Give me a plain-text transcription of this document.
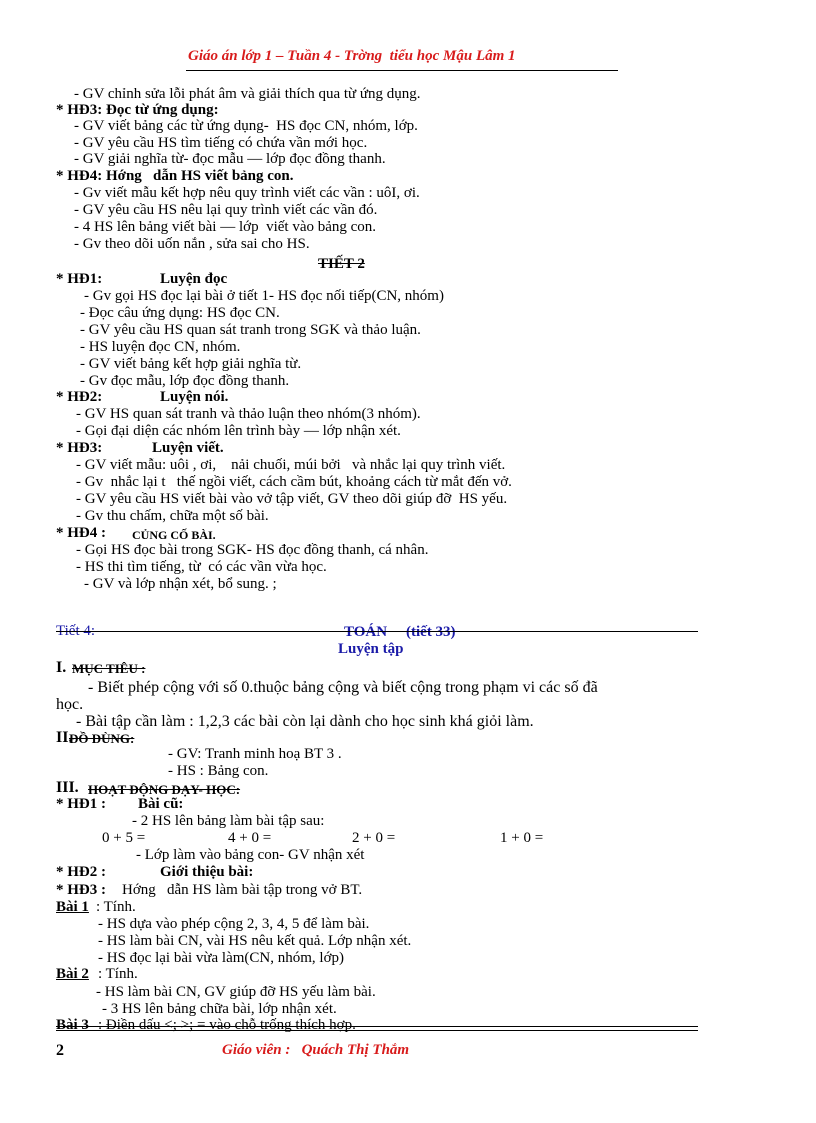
Giáo án lớp 1 – Tuần 4 - Trờng  tiểu học Mậu Lâm 1
- GV chỉnh sửa lỗi phát âm và giải thích qua từ ứng dụng.
* HĐ3: Đọc từ ứng dụng:
- GV viết bảng các từ ứng dụng-  HS đọc CN, nhóm, lớp.
- GV yêu cầu HS tìm tiếng có chứa vần mới học.
- GV giải nghĩa từ- đọc mẫu — lớp đọc đồng thanh.
* HĐ4: Hớng   dẫn HS viết bảng con.
- Gv viết mẫu kết hợp nêu quy trình viết các vần : uôI, ơi.
- GV yêu cầu HS nêu lại quy trình viết các vần đó.
- 4 HS lên bảng viết bài — lớp  viết vào bảng con.
- Gv theo dõi uốn nắn , sửa sai cho HS.
TIẾT 2
* HĐ1:	Luyện đọc
- Gv gọi HS đọc lại bài ở tiết 1- HS đọc nối tiếp(CN, nhóm)
- Đọc câu ứng dụng: HS đọc CN.
- GV yêu cầu HS quan sát tranh trong SGK và thảo luận.
- HS luyện đọc CN, nhóm.
- GV viết bảng kết hợp giải nghĩa từ.
- Gv đọc mẫu, lớp đọc đồng thanh.
* HĐ2:	Luyện nói.
- GV HS quan sát tranh và thảo luận theo nhóm(3 nhóm).
- Gọi đại diện các nhóm lên trình bày — lớp nhận xét.
* HĐ3:	Luyện viết.
- GV viết mẫu: uôi , ơi,    nải chuối, múi bởi   và nhắc lại quy trình viết.
- Gv  nhắc lại t   thế ngồi viết, cách cầm bút, khoảng cách từ mắt đến vở.
- GV yêu cầu HS viết bài vào vở tập viết, GV theo dõi giúp đỡ  HS yếu.
- Gv thu chấm, chữa một số bài.
* HĐ4 : CỦNG CỐ BÀI.
- Gọi HS đọc bài trong SGK- HS đọc đồng thanh, cá nhân.
- HS thi tìm tiếng, từ  có các vần vừa học.
- GV và lớp nhận xét, bổ sung. ;
Tiết 4:	TOÁN (tiết 33)
Luyện tập
I. MỤC TIÊU :
- Biết phép cộng với số 0.thuộc bảng cộng và biết cộng trong phạm vi các số đã
học.
- Bài tập cần làm : 1,2,3 các bài còn lại dành cho học sinh khá giỏi làm.
II.
ĐỒ DÙNG:
- GV: Tranh minh hoạ BT 3 .
- HS : Bảng con.
III. HOẠT ĐỘNG DẠY- HỌC:
* HĐ1 : Bài cũ:
- 2 HS lên bảng làm bài tập sau:
0 + 5 =	4 + 0 =	2 + 0 =	1 + 0 =
- Lớp làm vào bảng con- GV nhận xét
* HĐ2 :	Giới thiệu bài:
* HĐ3 : Hớng   dẫn HS làm bài tập trong vở BT.
Bài 1 : Tính.
- HS dựa vào phép cộng 2, 3, 4, 5 để làm bài.
- HS làm bài CN, vài HS nêu kết quả. Lớp nhận xét.
- HS đọc lại bài vừa làm(CN, nhóm, lớp)
Bài 2 : Tính.
- HS làm bài CN, GV giúp đỡ HS yếu làm bài.
- 3 HS lên bảng chữa bài, lớp nhận xét.
Bài 3 : Điền dấu <; >; = vào chỗ trống thích hợp.
2	Giáo viên :   Quách Thị Thắm
